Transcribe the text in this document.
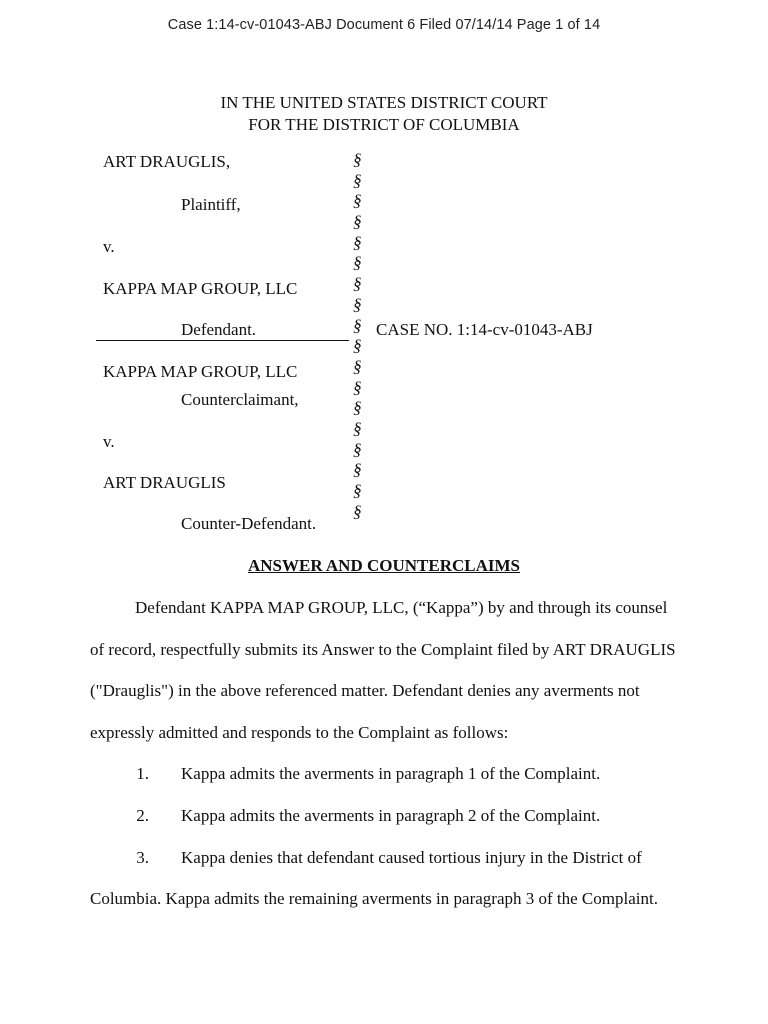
Case 1:14-cv-01043-ABJ Document 6 Filed 07/14/14 Page 1 of 14
IN THE UNITED STATES DISTRICT COURT
FOR THE DISTRICT OF COLUMBIA
ART DRAUGLIS,
Plaintiff,
v.
KAPPA MAP GROUP, LLC
Defendant.
KAPPA MAP GROUP, LLC
Counterclaimant,
v.
ART DRAUGLIS
Counter-Defendant.
§
§
§
§
§
§
§
§
§
§
§
§
§
§
§
§
§
§
CASE NO. 1:14-cv-01043-ABJ
ANSWER AND COUNTERCLAIMS
Defendant KAPPA MAP GROUP, LLC, (“Kappa”) by and through its counsel
of record, respectfully submits its Answer to the Complaint filed by ART DRAUGLIS
("Drauglis") in the above referenced matter. Defendant denies any averments not
expressly admitted and responds to the Complaint as follows:
1. Kappa admits the averments in paragraph 1 of the Complaint.
2. Kappa admits the averments in paragraph 2 of the Complaint.
3. Kappa denies that defendant caused tortious injury in the District of
Columbia. Kappa admits the remaining averments in paragraph 3 of the Complaint.
